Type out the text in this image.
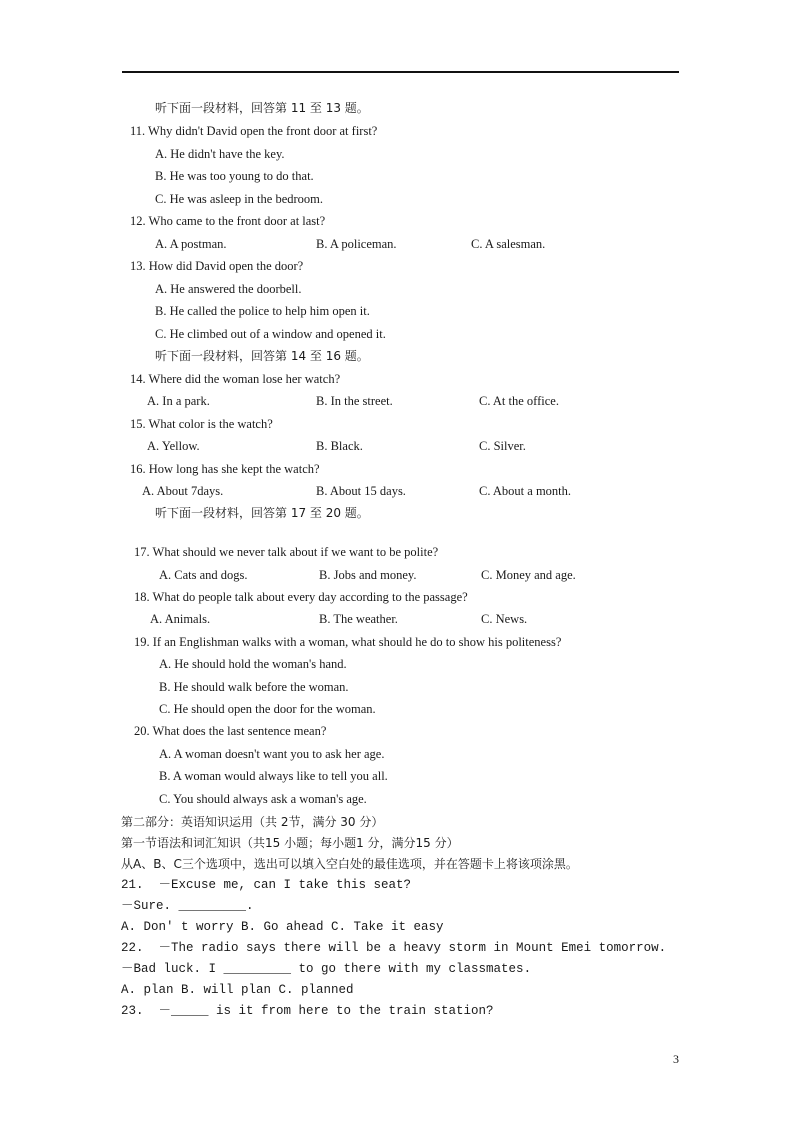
听下面一段材料，回答第 11 至 13 题。
11. Why didn't David open the front door at first?
A. He didn't have the key.
B. He was too young to do that.
C. He was asleep in the bedroom.
12. Who came to the front door at last?
A. A postman.	B. A policeman.	C. A salesman.
13. How did David open the door?
A. He answered the doorbell.
B. He called the police to help him open it.
C. He climbed out of a window and opened it.
听下面一段材料，回答第 14 至 16 题。
14. Where did the woman lose her watch?
A. In a park.	B. In the street.	C. At the office.
15. What color is the watch?
A. Yellow.	B. Black.	C. Silver.
16. How long has she kept the watch?
A. About 7days.	B. About 15 days.	C. About a month.
听下面一段材料，回答第 17 至 20 题。
17. What should we never talk about if we want to be polite?
A. Cats and dogs.	B. Jobs and money.	C. Money and age.
18. What do people talk about every day according to the passage?
A. Animals.	B. The weather.	C. News.
19. If an Englishman walks with a woman, what should he do to show his politeness?
A. He should hold the woman's hand.
B. He should walk before the woman.
C. He should open the door for the woman.
20. What does the last sentence mean?
A. A woman doesn't want you to ask her age.
B. A woman would always like to tell you all.
C. You should always ask a woman's age.
第二部分：英语知识运用（共 2节，满分 30 分）
第一节语法和词汇知识（共15 小题；每小题1 分，满分15 分）
从A、B、C三个选项中，选出可以填入空白处的最佳选项，并在答题卡上将该项涂黑。
21.  －Excuse me, can I take this seat?
－Sure. _________.
A. Don' t worry B. Go ahead C. Take it easy
22.  －The radio says there will be a heavy storm in Mount Emei tomorrow.
－Bad luck. I _________ to go there with my classmates.
A. plan B. will plan C. planned
23.  －_____ is it from here to the train station?
3
